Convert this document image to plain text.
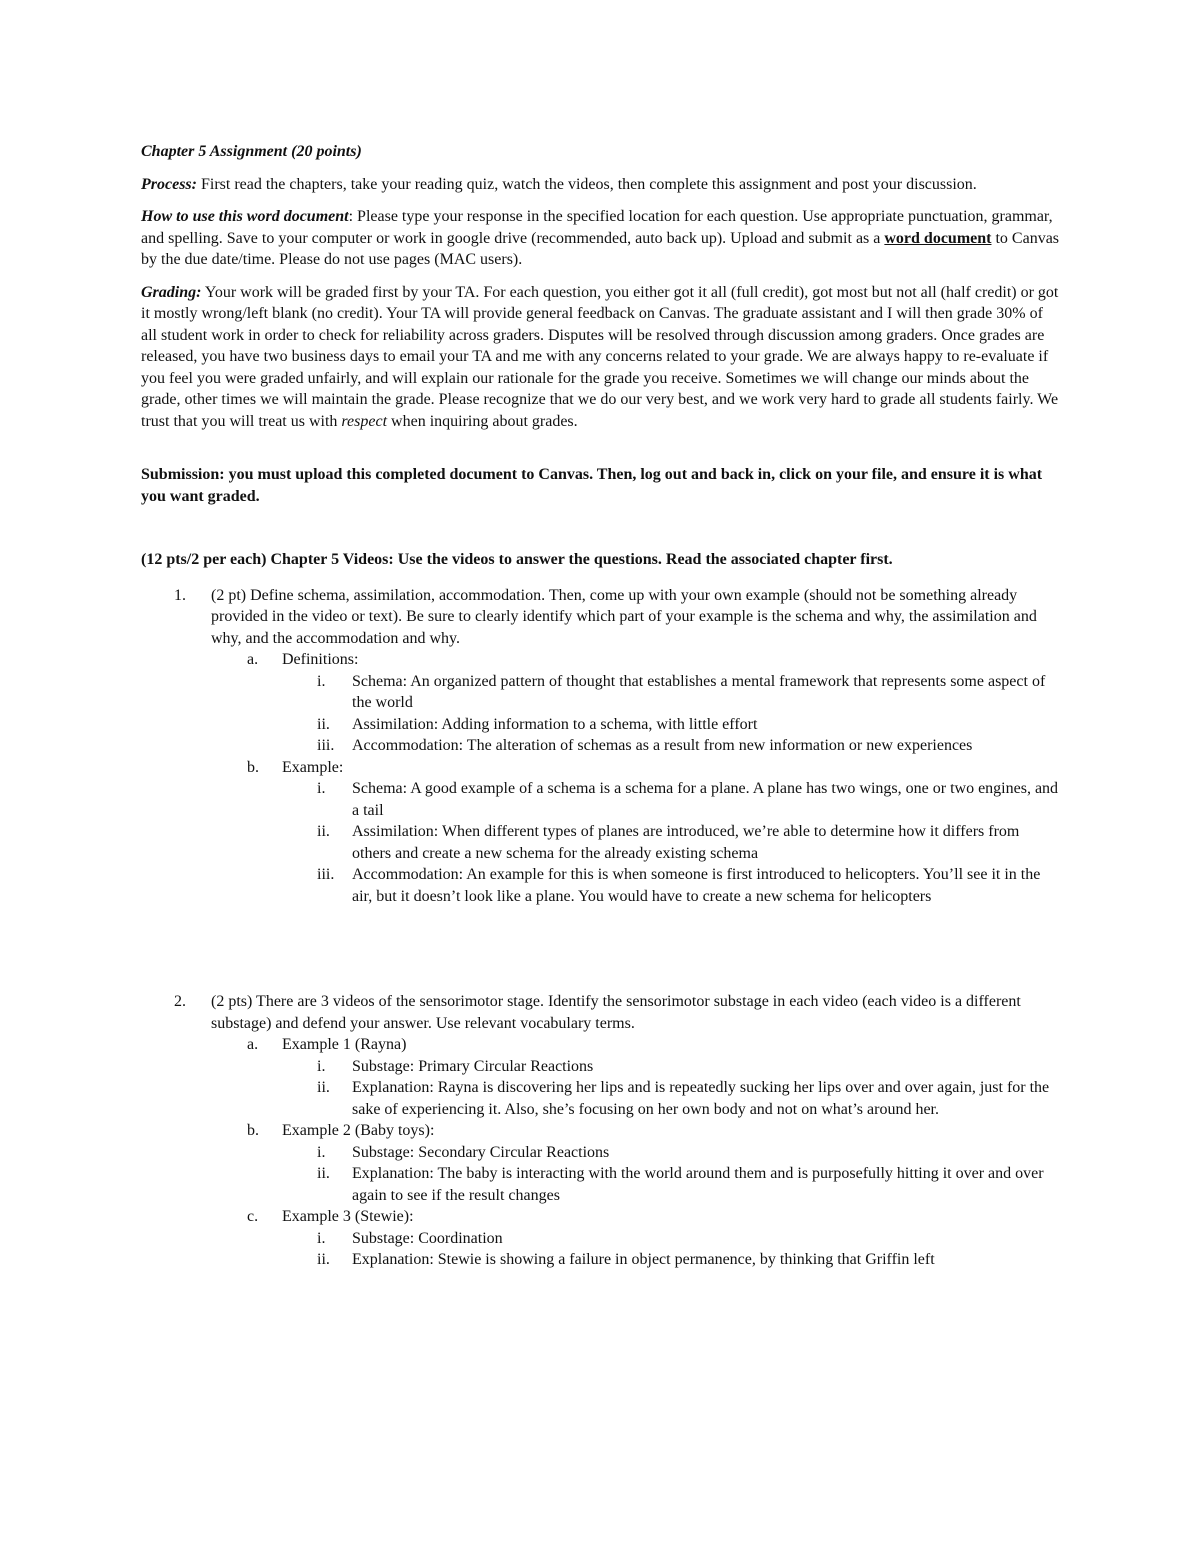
Chapter 5 Assignment (20 points)

Process: First read the chapters, take your reading quiz, watch the videos, then complete this assignment and post your discussion.

How to use this word document: Please type your response in the specified location for each question. Use appropriate punctuation, grammar, and spelling. Save to your computer or work in google drive (recommended, auto back up). Upload and submit as a word document to Canvas by the due date/time. Please do not use pages (MAC users).

Grading: Your work will be graded first by your TA. For each question, you either got it all (full credit), got most but not all (half credit) or got it mostly wrong/left blank (no credit). Your TA will provide general feedback on Canvas. The graduate assistant and I will then grade 30% of all student work in order to check for reliability across graders. Disputes will be resolved through discussion among graders. Once grades are released, you have two business days to email your TA and me with any concerns related to your grade. We are always happy to re-evaluate if you feel you were graded unfairly, and will explain our rationale for the grade you receive. Sometimes we will change our minds about the grade, other times we will maintain the grade. Please recognize that we do our very best, and we work very hard to grade all students fairly. We trust that you will treat us with respect when inquiring about grades.

Submission: you must upload this completed document to Canvas. Then, log out and back in, click on your file, and ensure it is what you want graded.

(12 pts/2 per each) Chapter 5 Videos: Use the videos to answer the questions. Read the associated chapter first.

1. (2 pt) Define schema, assimilation, accommodation. Then, come up with your own example (should not be something already provided in the video or text). Be sure to clearly identify which part of your example is the schema and why, the assimilation and why, and the accommodation and why.
a. Definitions:
i. Schema: An organized pattern of thought that establishes a mental framework that represents some aspect of the world
ii. Assimilation: Adding information to a schema, with little effort
iii. Accommodation: The alteration of schemas as a result from new information or new experiences
b. Example:
i. Schema: A good example of a schema is a schema for a plane. A plane has two wings, one or two engines, and a tail
ii. Assimilation: When different types of planes are introduced, we’re able to determine how it differs from others and create a new schema for the already existing schema
iii. Accommodation: An example for this is when someone is first introduced to helicopters. You’ll see it in the air, but it doesn’t look like a plane. You would have to create a new schema for helicopters
2. (2 pts) There are 3 videos of the sensorimotor stage. Identify the sensorimotor substage in each video (each video is a different substage) and defend your answer. Use relevant vocabulary terms.
a. Example 1 (Rayna)
i. Substage: Primary Circular Reactions
ii. Explanation: Rayna is discovering her lips and is repeatedly sucking her lips over and over again, just for the sake of experiencing it. Also, she’s focusing on her own body and not on what’s around her.
b. Example 2 (Baby toys):
i. Substage: Secondary Circular Reactions
ii. Explanation: The baby is interacting with the world around them and is purposefully hitting it over and over again to see if the result changes
c. Example 3 (Stewie):
i. Substage: Coordination
ii. Explanation: Stewie is showing a failure in object permanence, by thinking that Griffin left
